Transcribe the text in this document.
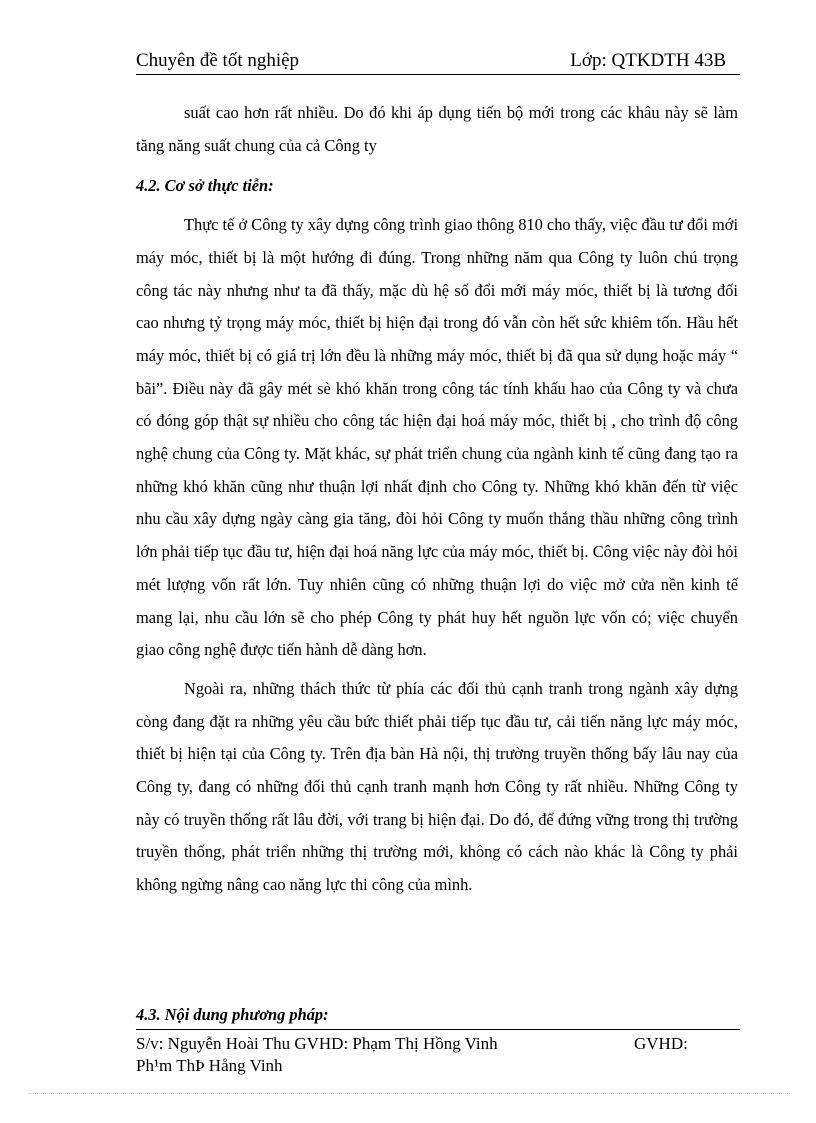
Chuyên đề tốt nghiệp	Lớp: QTKDTH 43B

suất cao hơn rất nhiều. Do đó khi áp dụng tiến bộ mới trong các khâu này sẽ làm tăng năng suất chung của cả Công ty

4.2. Cơ sở thực tiễn:

Thực tế ở Công ty xây dựng công trình giao thông 810 cho thấy, việc đầu tư đổi mới máy móc, thiết bị là một hướng đi đúng. Trong những năm qua Công ty luôn chú trọng công tác này nhưng như ta đã thấy, mặc dù hệ số đổi mới máy móc, thiết bị là tương đối cao nhưng tỷ trọng máy móc, thiết bị hiện đại trong đó vẫn còn hết sức khiêm tốn. Hầu hết máy móc, thiết bị có giá trị lớn đều là những máy móc, thiết bị đã qua sử dụng hoặc máy “ bãi”. Điều này đã gây mét sè khó khăn trong công tác tính khấu hao của Công ty và chưa có đóng góp thật sự nhiều cho công tác hiện đại hoá máy móc, thiết bị , cho trình độ công nghệ chung của Công ty. Mặt khác, sự phát triển chung của ngành kinh tế cũng đang tạo ra những khó khăn cũng như thuận lợi nhất định cho Công ty. Những khó khăn đến từ việc nhu cầu xây dựng ngày càng gia tăng, đòi hỏi Công ty muốn thắng thầu những công trình lớn phải tiếp tục đầu tư, hiện đại hoá năng lực của máy móc, thiết bị. Công việc này đòi hỏi mét lượng vốn rất lớn. Tuy nhiên cũng có những thuận lợi do việc mở cửa nền kinh tế mang lại, nhu cầu lớn sẽ cho phép Công ty phát huy hết nguồn lực vốn có; việc chuyển giao công nghệ được tiến hành dễ dàng hơn.

Ngoài ra, những thách thức từ phía các đối thủ cạnh tranh trong ngành xây dựng còng đang đặt ra những yêu cầu bức thiết phải tiếp tục đầu tư, cải tiến năng lực máy móc, thiết bị hiện tại của Công ty. Trên địa bàn Hà nội, thị trường truyền thống bấy lâu nay của Công ty, đang có những đối thủ cạnh tranh mạnh hơn Công ty rất nhiều. Những Công ty này có truyền thống rất lâu đời, với trang bị hiện đại. Do đó, để đứng vững trong thị trường truyền thống, phát triển những thị trường mới, không có cách nào khác là Công ty phải không ngừng nâng cao năng lực thi công của mình.

4.3. Nội dung phương pháp:
S/v: Nguyễn Hoài Thu GVHD: Phạm Thị Hồng Vinh	GVHD:
Ph¹m ThÞ Hång Vinh
